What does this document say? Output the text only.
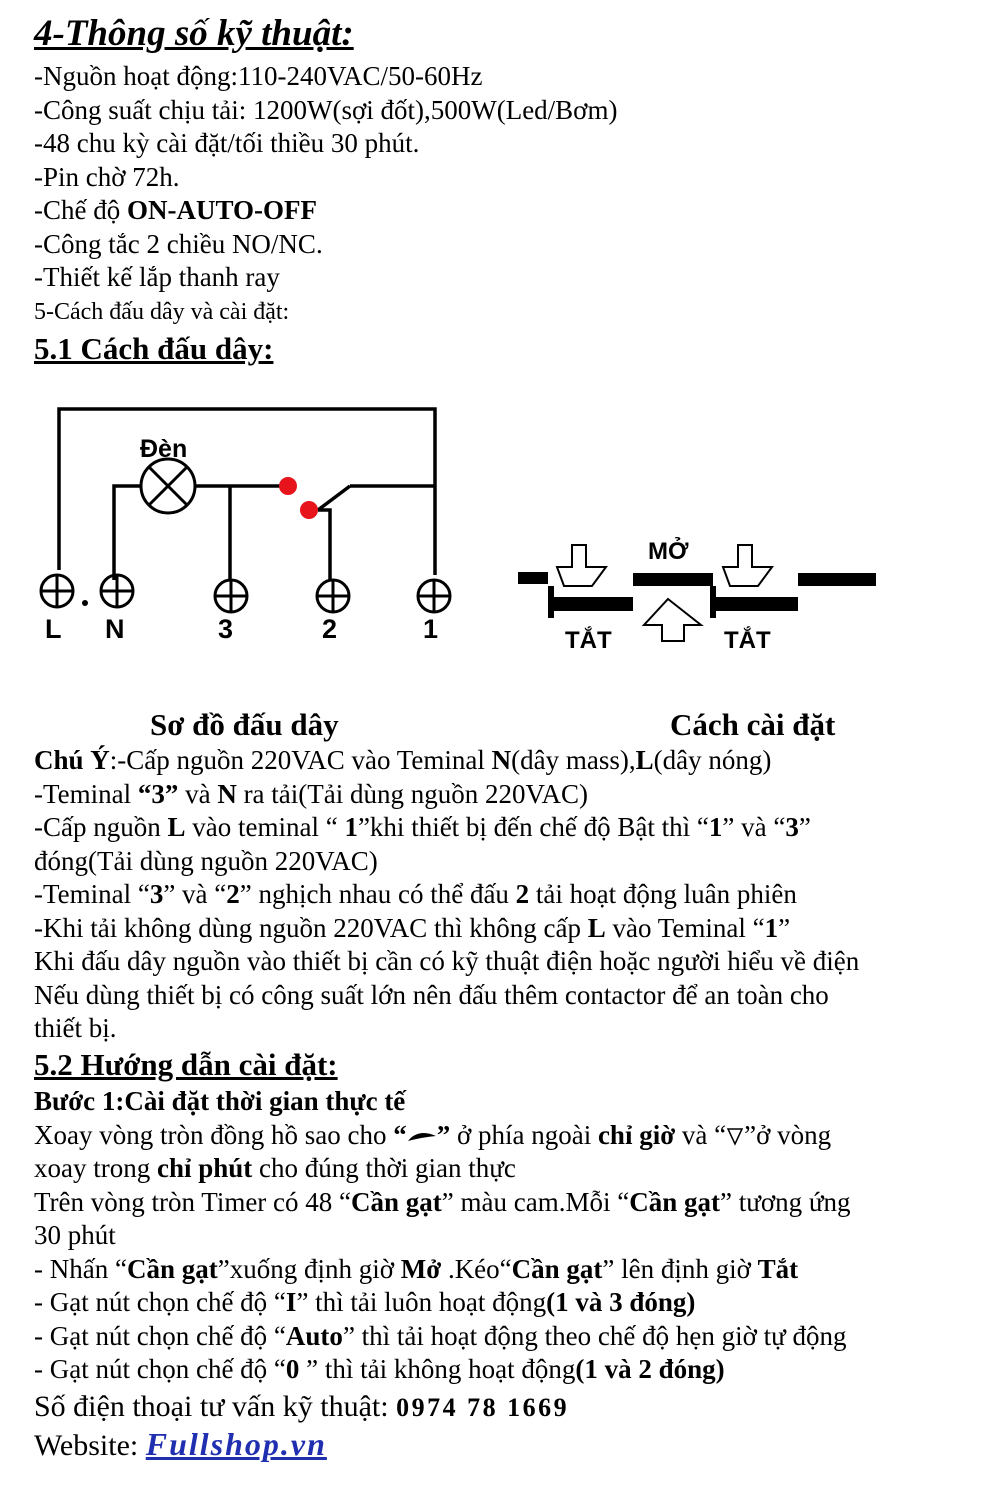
4-Thông số kỹ thuật:
-Nguồn hoạt động:110-240VAC/50-60Hz
-Công suất chịu tải: 1200W(sợi đốt),500W(Led/Bơm)
-48 chu kỳ cài đặt/tối thiều 30 phút.
-Pin chờ 72h.
-Chế độ ON-AUTO-OFF
-Công tắc 2 chiều NO/NC.
-Thiết kế lắp thanh ray
5-Cách đấu dây và cài đặt:
5.1 Cách đấu dây:
Đèn
L N	3	2	1
MỞ
TẮT	TẮT
Sơ đồ đấu dây	Cách cài đặt
Chú Ý:-Cấp nguồn 220VAC vào Teminal N(dây mass),L(dây nóng)
-Teminal “3” và N ra tải(Tải dùng nguồn 220VAC)
-Cấp nguồn L vào teminal “ 1”khi thiết bị đến chế độ Bật thì “1” và “3”
đóng(Tải dùng nguồn 220VAC)
-Teminal “3” và “2” nghịch nhau có thể đấu 2 tải hoạt động luân phiên
-Khi tải không dùng nguồn 220VAC thì không cấp L vào Teminal “1”
Khi đấu dây nguồn vào thiết bị cần có kỹ thuật điện hoặc người hiểu về điện
Nếu dùng thiết bị có công suất lớn nên đấu thêm contactor để an toàn cho
thiết bị.
5.2 Hướng dẫn cài đặt:
Bước 1:Cài đặt thời gian thực tế
Xoay vòng tròn đồng hồ sao cho “ ” ở phía ngoài chỉ giờ và “ ”ở vòng
xoay trong chỉ phút cho đúng thời gian thực
Trên vòng tròn Timer có 48 “Cần gạt” màu cam.Mỗi “Cần gạt” tương ứng
30 phút
- Nhấn “Cần gạt”xuống định giờ Mở .Kéo“Cần gạt” lên định giờ Tắt
- Gạt nút chọn chế độ “I” thì tải luôn hoạt động(1 và 3 đóng)
- Gạt nút chọn chế độ “Auto” thì tải hoạt động theo chế độ hẹn giờ tự động
- Gạt nút chọn chế độ “0 ” thì tải không hoạt động(1 và 2 đóng)
Số điện thoại tư vấn kỹ thuật: 0974 78 1669
Website: Fullshop.vn
